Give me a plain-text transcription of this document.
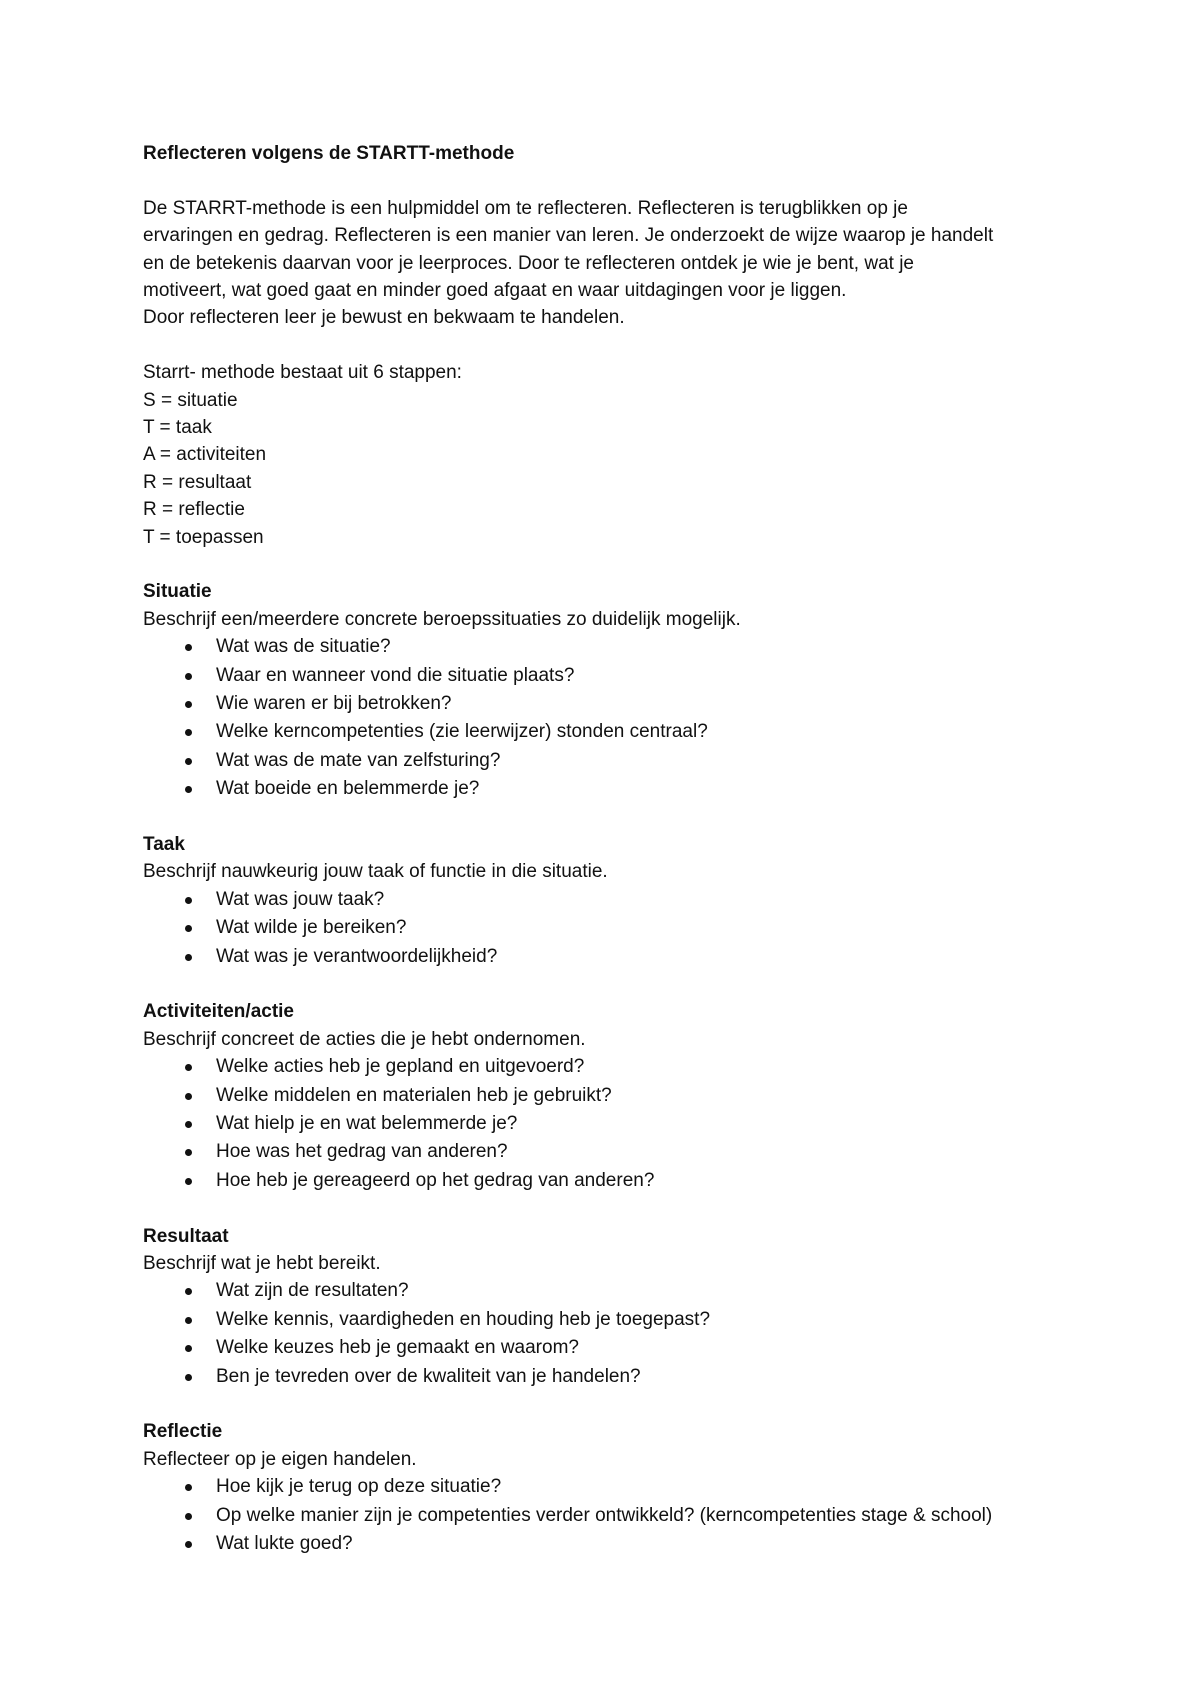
Reflecteren volgens de STARTT-methode
De STARRT-methode is een hulpmiddel om te reflecteren. Reflecteren is terugblikken op je
ervaringen en gedrag. Reflecteren is een manier van leren. Je onderzoekt de wijze waarop je handelt
en de betekenis daarvan voor je leerproces. Door te reflecteren ontdek je wie je bent, wat je
motiveert, wat goed gaat en minder goed afgaat en waar uitdagingen voor je liggen.
Door reflecteren leer je bewust en bekwaam te handelen.
Starrt- methode bestaat uit 6 stappen:
S = situatie
T = taak
A = activiteiten
R = resultaat
R = reflectie
T = toepassen
Situatie
Beschrijf een/meerdere concrete beroepssituaties zo duidelijk mogelijk.
Wat was de situatie?
Waar en wanneer vond die situatie plaats?
Wie waren er bij betrokken?
Welke kerncompetenties (zie leerwijzer) stonden centraal?
Wat was de mate van zelfsturing?
Wat boeide en belemmerde je?
Taak
Beschrijf nauwkeurig jouw taak of functie in die situatie.
Wat was jouw taak?
Wat wilde je bereiken?
Wat was je verantwoordelijkheid?
Activiteiten/actie
Beschrijf concreet de acties die je hebt ondernomen.
Welke acties heb je gepland en uitgevoerd?
Welke middelen en materialen heb je gebruikt?
Wat hielp je en wat belemmerde je?
Hoe was het gedrag van anderen?
Hoe heb je gereageerd op het gedrag van anderen?
Resultaat
Beschrijf wat je hebt bereikt.
Wat zijn de resultaten?
Welke kennis, vaardigheden en houding heb je toegepast?
Welke keuzes heb je gemaakt en waarom?
Ben je tevreden over de kwaliteit van je handelen?
Reflectie
Reflecteer op je eigen handelen.
Hoe kijk je terug op deze situatie?
Op welke manier zijn je competenties verder ontwikkeld? (kerncompetenties stage & school)
Wat lukte goed?
